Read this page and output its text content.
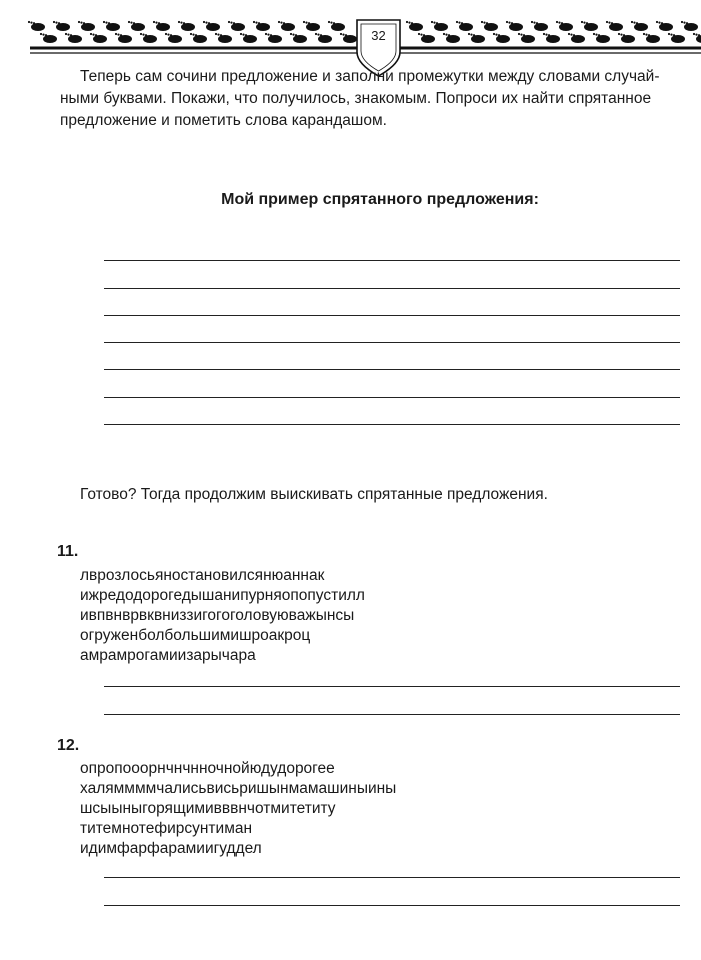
32
Теперь сам сочини предложение и заполни промежутки между словами случай-
ными буквами. Покажи, что получилось, знакомым. Попроси их найти спрятанное
предложение и пометить слова карандашом.
Мой пример спрятанного предложения:
Готово? Тогда продолжим выискивать спрятанные предложения.
11.
лврозлосьяностановилсянюаннак
ижредодорогедышанипурняопопустилл
ивпвнврвквниззигогоголовуюважынсы
огруженболбольшимишроакроц
амрамрогамиизарычара
12.
опропооорнчнчнночнойюдудорогее
халяммммчалисьвисьришынмамашиныины
шсыыныгорящимивввнчотмитетиту
титемнотефирсунтиман
идимфарфарамиигуддел
